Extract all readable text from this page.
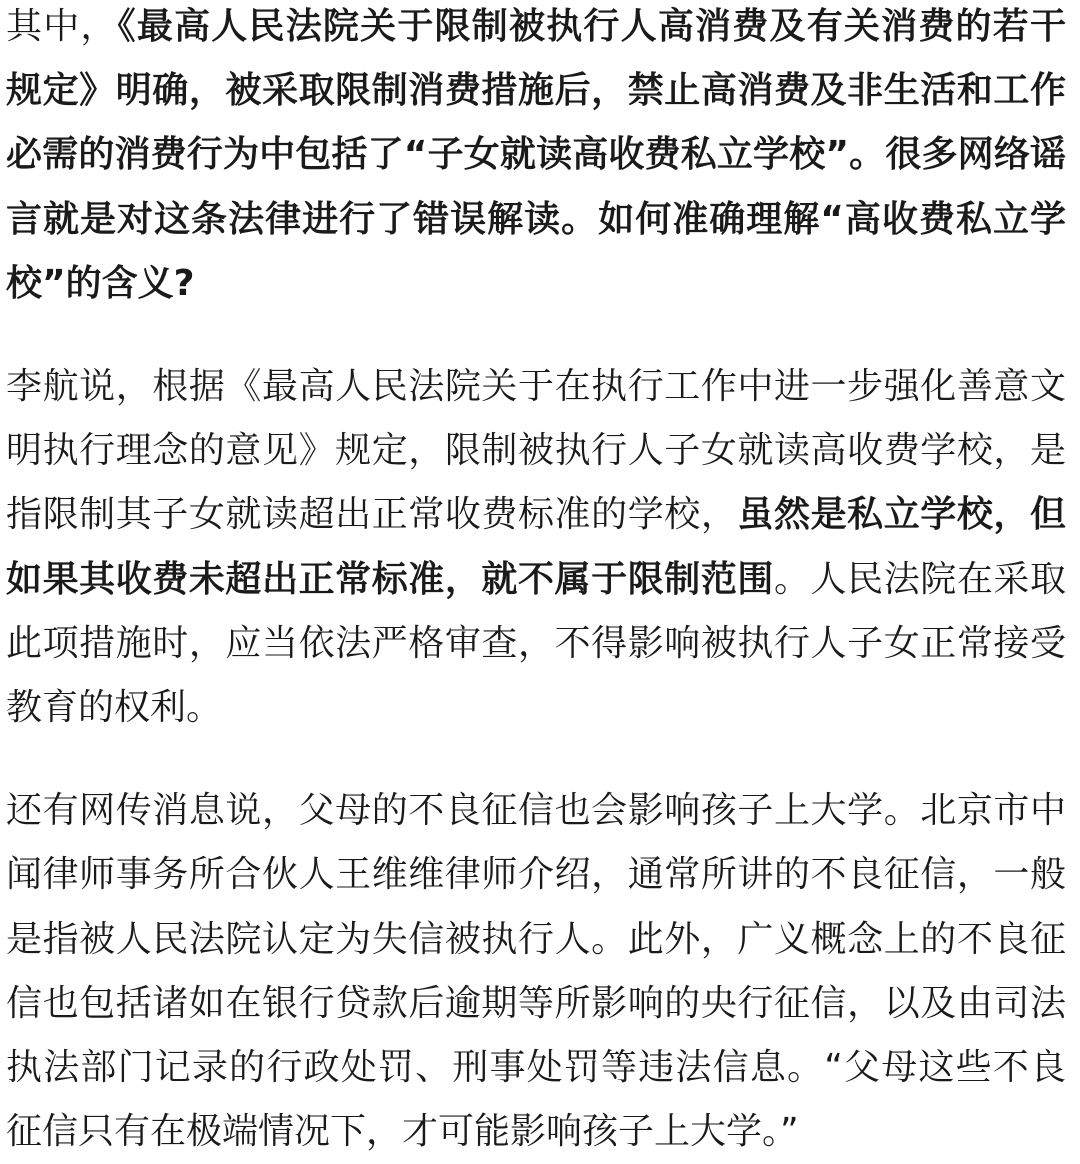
其中，《最高人民法院关于限制被执行人高消费及有关消费的若干规定》明确，被采取限制消费措施后，禁止高消费及非生活和工作必需的消费行为中包括了“子女就读高收费私立学校”。很多网络谣言就是对这条法律进行了错误解读。如何准确理解“高收费私立学校”的含义?

李航说，根据《最高人民法院关于在执行工作中进一步强化善意文明执行理念的意见》规定，限制被执行人子女就读高收费学校，是指限制其子女就读超出正常收费标准的学校，虽然是私立学校，但如果其收费未超出正常标准，就不属于限制范围。人民法院在采取此项措施时，应当依法严格审查，不得影响被执行人子女正常接受教育的权利。

还有网传消息说，父母的不良征信也会影响孩子上大学。北京市中闻律师事务所合伙人王维维律师介绍，通常所讲的不良征信，一般是指被人民法院认定为失信被执行人。此外，广义概念上的不良征信也包括诸如在银行贷款后逾期等所影响的央行征信，以及由司法执法部门记录的行政处罚、刑事处罚等违法信息。“父母这些不良征信只有在极端情况下，才可能影响孩子上大学。”
